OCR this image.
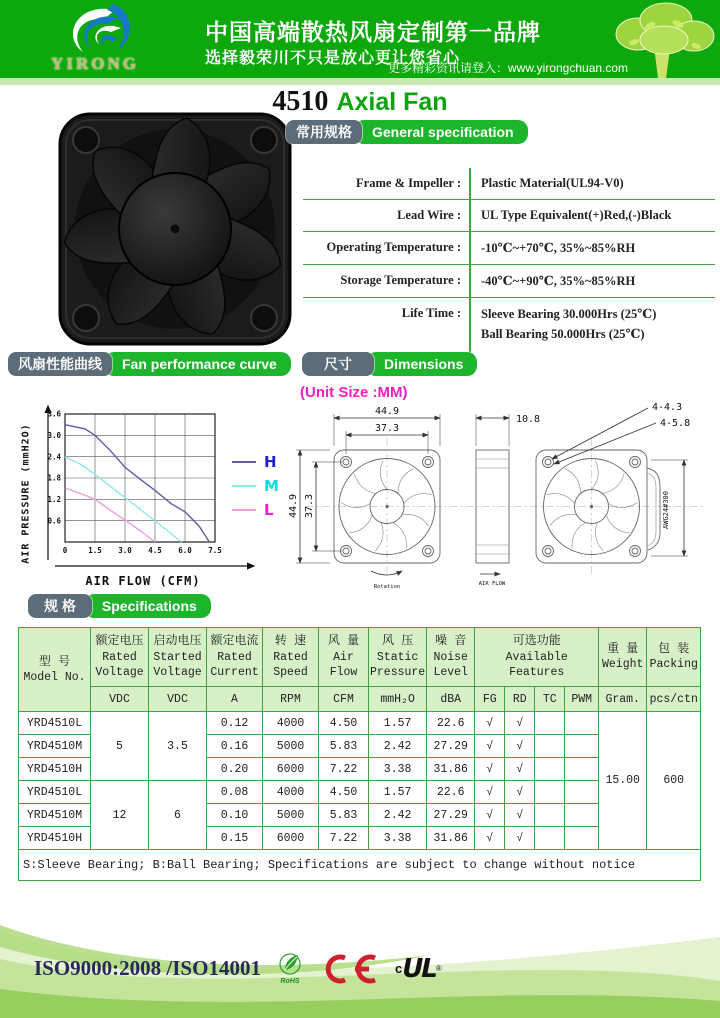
YIRONG
中国高端散热风扇定制第一品牌
选择毅荣川不只是放心更让您省心
更多精彩资讯请登入：www.yirongchuan.com
4510 Axial Fan
常用规格	General specification
Frame & Impeller :	Plastic Material(UL94-V0)
Lead Wire :	UL Type Equivalent(+)Red,(-)Black
Operating Temperature :	-10℃~+70℃, 35%~85%RH
Storage Temperature :	-40℃~+90℃, 35%~85%RH
Life Time :	Sleeve Bearing 30.000Hrs (25℃)
Ball Bearing 50.000Hrs (25℃)
风扇性能曲线	Fan performance curve	尺寸	Dimensions
(Unit Size :MM)
AIR PRESSURE (mmH2O)	0	1.5 3.0 4.5 6.0 7.5
0.6
1.2
1.8
2.4
3.0
3.6
AIR FLOW (CFM)
H
M
L
44.9
37.3
44.9 37.3
Rotation
10.8
AIR FLOW
4-4.3
4-5.8
AWG24#300
规 格	Specifications
型 号
Model No.

额定电压
Rated
Voltage

启动电压
Started
Voltage

额定电流
Rated
Current

转 速
Rated
Speed

风 量
Air
Flow

风 压
Static
Pressure

噪 音
Noise
Level

可选功能
Available Features

重 量
Weight

包 装
Packing

	VDC	VDC	A	RPM	CFM	mmH₂O	dBA	FG	RD	TC	PWM	Gram.	pcs/ctn
YRD4510L	5	3.5	0.12	4000	4.50	1.57	22.6	√	√			15.00	600
YRD4510M			0.16	5000	5.83	2.42	27.29	√	√				
YRD4510H			0.20	6000	7.22	3.38	31.86	√	√				
YRD4510L	12	6	0.08	4000	4.50	1.57	22.6	√	√				
YRD4510M			0.10	5000	5.83	2.42	27.29	√	√				
YRD4510H			0.15	6000	7.22	3.38	31.86	√	√				
S:Sleeve Bearing; B:Ball Bearing; Specifications are subject to change without notice													
ISO9000:2008 /ISO14001
RoHS
c UL ®
